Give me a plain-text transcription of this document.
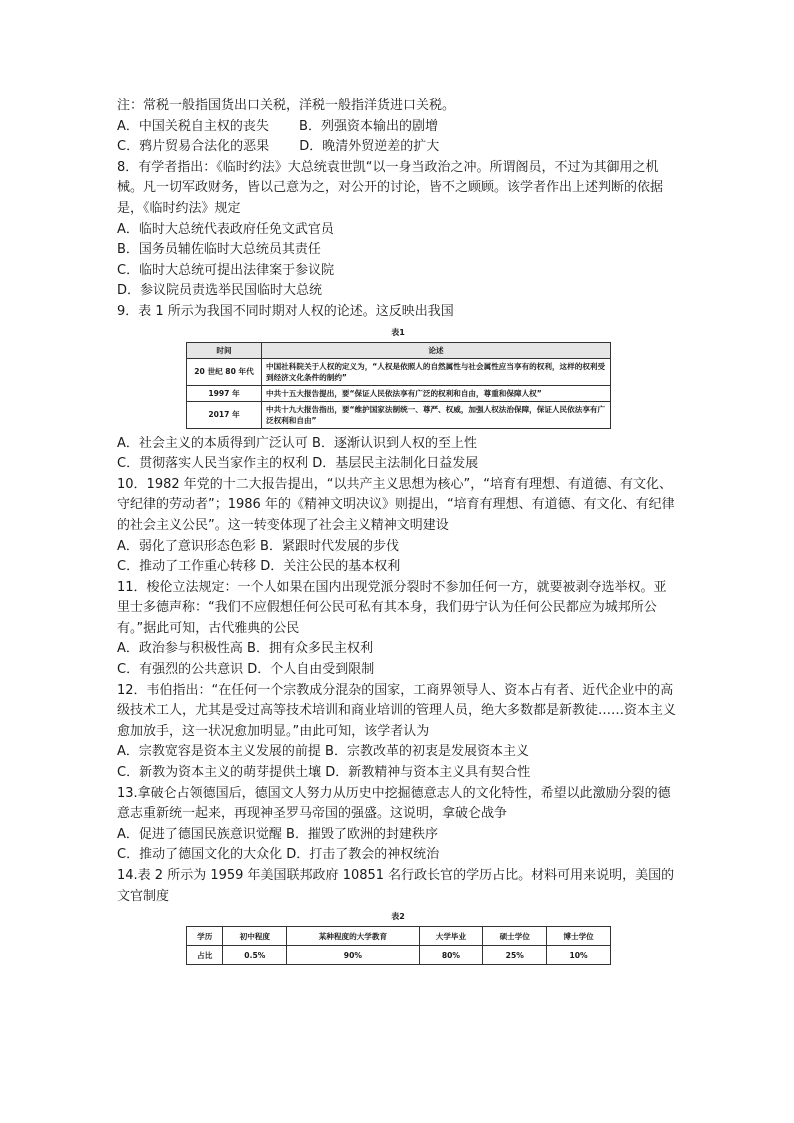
注：常税一般指国货出口关税，洋税一般指洋货进口关税。
A．中国关税自主权的丧失　　 B．列强资本输出的剧增
C．鸦片贸易合法化的恶果　　 D．晚清外贸逆差的扩大
8．有学者指出：《临时约法》大总统袁世凯“以一身当政治之冲。所谓阁员，不过为其御用之机械。凡一切军政财务，皆以己意为之，对公开的讨论，皆不之顾顾。该学者作出上述判断的依据是，《临时约法》规定
A．临时大总统代表政府任免文武官员
B．国务员辅佐临时大总统员其责任
C．临时大总统可提出法律案于参议院
D．参议院员责选举民国临时大总统
9．表 1 所示为我国不同时期对人权的论述。这反映出我国
表1
时间	论述
20 世纪 80 年代	中国社科院关于人权的定义为，“人权是依照人的自然属性与社会属性应当享有的权利，这样的权利受到经济文化条件的制约”
1997 年	中共十五大报告提出，要“保证人民依法享有广泛的权利和自由，尊重和保障人权”
2017 年	中共十九大报告指出，要“维护国家法制统一、尊严、权威，加强人权法治保障，保证人民依法享有广泛权利和自由”
A．社会主义的本质得到广泛认可 B．逐渐认识到人权的至上性
C．贯彻落实人民当家作主的权利 D．基层民主法制化日益发展
10．1982 年党的十二大报告提出，“以共产主义思想为核心”，“培育有理想、有道德、有文化、守纪律的劳动者”；1986 年的《精神文明决议》则提出，“培育有理想、有道德、有文化、有纪律的社会主义公民”。这一转变体现了社会主义精神文明建设
A．弱化了意识形态色彩 B．紧跟时代发展的步伐
C．推动了工作重心转移 D．关注公民的基本权利
11．梭伦立法规定：一个人如果在国内出现党派分裂时不参加任何一方，就要被剥夺选举权。亚里士多德声称：“我们不应假想任何公民可私有其本身，我们毋宁认为任何公民都应为城邦所公有。”据此可知，古代雅典的公民
A．政治参与积极性高 B．拥有众多民主权利
C．有强烈的公共意识 D．个人自由受到限制
12．韦伯指出：“在任何一个宗教成分混杂的国家，工商界领导人、资本占有者、近代企业中的高级技术工人，尤其是受过高等技术培训和商业培训的管理人员，绝大多数都是新教徒……资本主义愈加放手，这一状况愈加明显。”由此可知，该学者认为
A．宗教宽容是资本主义发展的前提 B．宗教改革的初衷是发展资本主义
C．新教为资本主义的萌芽提供土壤 D．新教精神与资本主义具有契合性
13.拿破仑占领德国后，德国文人努力从历史中挖掘德意志人的文化特性，希望以此激励分裂的德意志重新统一起来，再现神圣罗马帝国的强盛。这说明，拿破仑战争
A．促进了德国民族意识觉醒 B．摧毁了欧洲的封建秩序
C．推动了德国文化的大众化 D．打击了教会的神权统治
14.表 2 所示为 1959 年美国联邦政府 10851 名行政长官的学历占比。材料可用来说明，美国的文官制度
表2
学历	初中程度	某种程度的大学教育	大学毕业	硕士学位	博士学位
占比	0.5%	90%	80%	25%	10%
